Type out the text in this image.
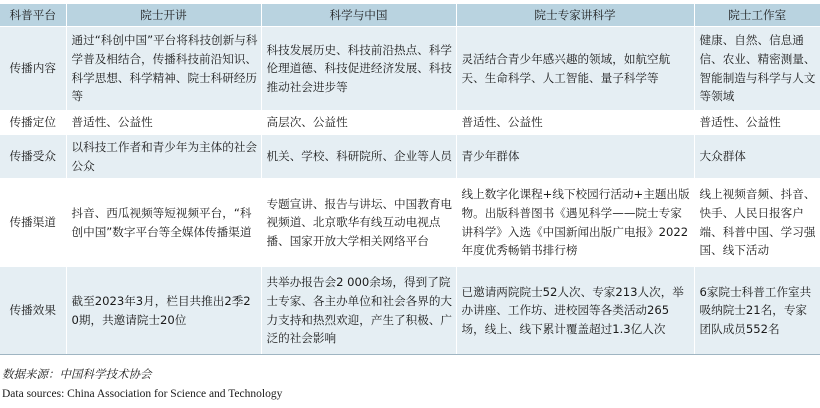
科普平台	院士开讲	科学与中国	院士专家讲科学	院士工作室
传播内容	通过“科创中国”平台将科技创新与科学普及相结合，传播科技前沿知识、科学思想、科学精神、院士科研经历等	科技发展历史、科技前沿热点、科学伦理道德、科技促进经济发展、科技推动社会进步等	灵活结合青少年感兴趣的领域，如航空航天、生命科学、人工智能、量子科学等	健康、自然、信息通信、农业、精密测量、智能制造与科学与人文等领域
传播定位	普适性、公益性	高层次、公益性	普适性、公益性	普适性、公益性
传播受众	以科技工作者和青少年为主体的社会公众	机关、学校、科研院所、企业等人员	青少年群体	大众群体
传播渠道	抖音、西瓜视频等短视频平台，“科创中国”数字平台等全媒体传播渠道	专题宣讲、报告与讲坛、中国教育电视频道、北京歌华有线互动电视点播、国家开放大学相关网络平台	线上数字化课程+线下校园行活动+主题出版物。出版科普图书《遇见科学——院士专家讲科学》入选《中国新闻出版广电报》2022年度优秀畅销书排行榜	线上视频音频、抖音、快手、人民日报客户端、科普中国、学习强国、线下活动
传播效果	截至2023年3月，栏目共推出2季20期，共邀请院士20位	共举办报告会2 000余场，得到了院士专家、各主办单位和社会各界的大力支持和热烈欢迎，产生了积极、广泛的社会影响	已邀请两院院士52人次、专家213人次，举办讲座、工作坊、进校园等各类活动265场，线上、线下累计覆盖超过1.3亿人次	6家院士科普工作室共吸纳院士21名，专家团队成员552名
数据来源：中国科学技术协会
Data sources: China Association for Science and Technology
